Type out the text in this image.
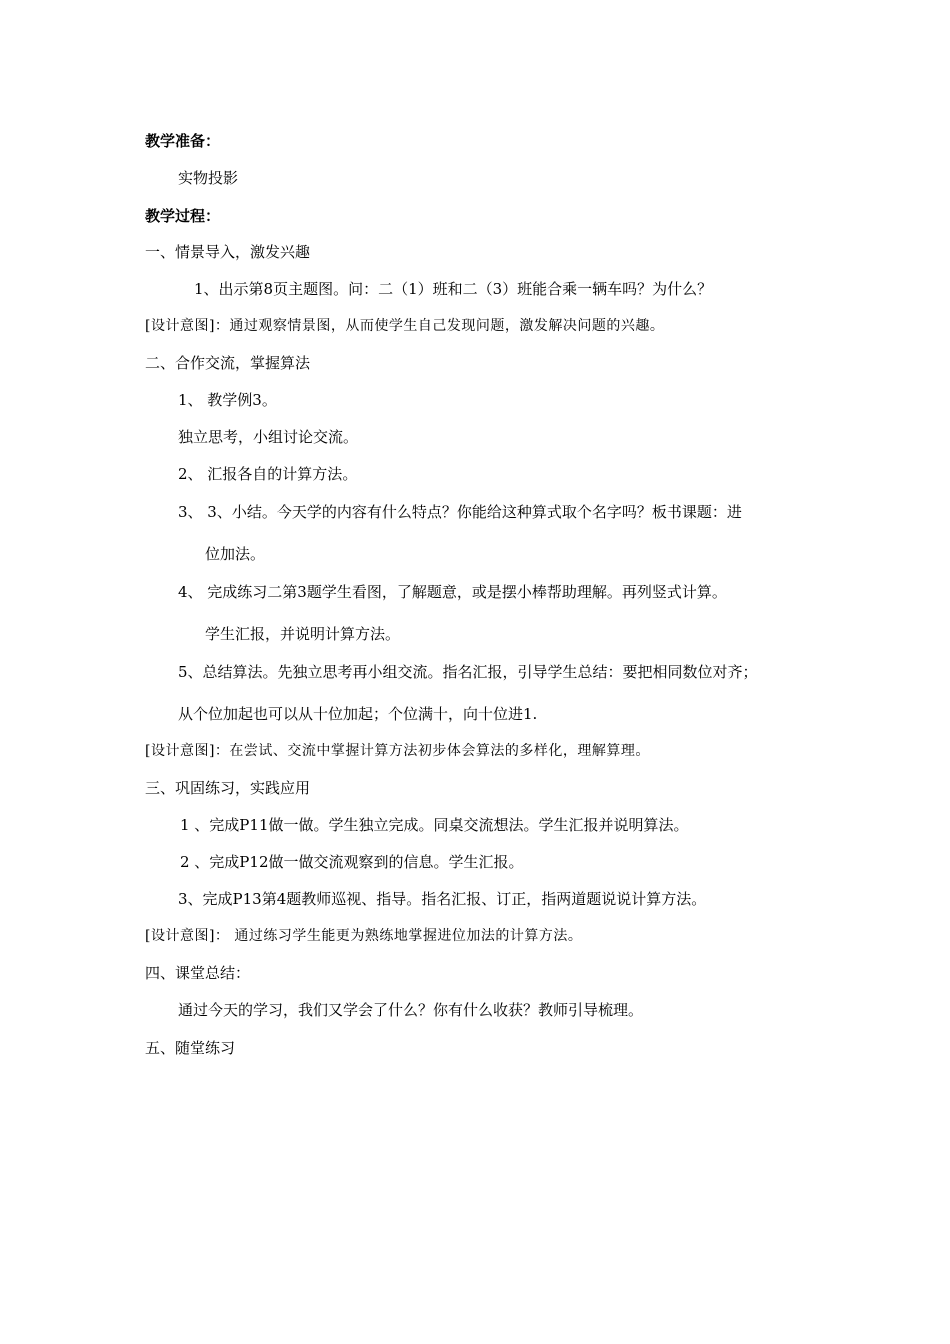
教学准备：
实物投影
教学过程：
一、情景导入，激发兴趣
1、出示第8页主题图。问：二（1）班和二（3）班能合乘一辆车吗？为什么？
[设计意图]：通过观察情景图，从而使学生自己发现问题，激发解决问题的兴趣。
二、合作交流，掌握算法
1、 教学例3。
独立思考，小组讨论交流。
2、 汇报各自的计算方法。
3、 3、小结。今天学的内容有什么特点？你能给这种算式取个名字吗？板书课题：进
位加法。
4、 完成练习二第3题学生看图，了解题意，或是摆小棒帮助理解。再列竖式计算。
学生汇报，并说明计算方法。
5、总结算法。先独立思考再小组交流。指名汇报，引导学生总结：要把相同数位对齐；
从个位加起也可以从十位加起；个位满十，向十位进1.
[设计意图]：在尝试、交流中掌握计算方法初步体会算法的多样化，理解算理。
三、巩固练习，实践应用
1 、完成P11做一做。学生独立完成。同桌交流想法。学生汇报并说明算法。
2 、完成P12做一做交流观察到的信息。学生汇报。
3、完成P13第4题教师巡视、指导。指名汇报、订正，指两道题说说计算方法。
[设计意图]： 通过练习学生能更为熟练地掌握进位加法的计算方法。
四、课堂总结：
通过今天的学习，我们又学会了什么？你有什么收获？教师引导梳理。
五、随堂练习
